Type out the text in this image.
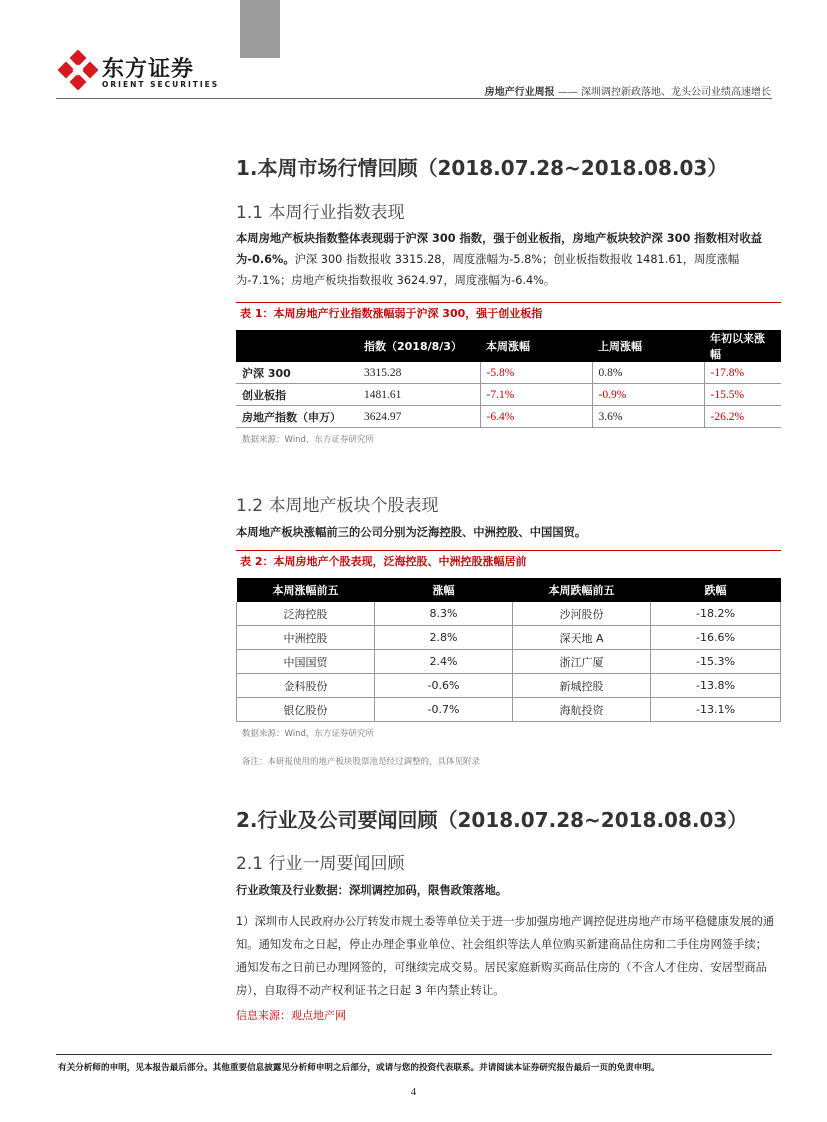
东方证券
ORIENT SECURITIES
房地产行业周报 —— 深圳调控新政落地、龙头公司业绩高速增长
1.本周市场行情回顾（2018.07.28~2018.08.03）
1.1 本周行业指数表现
本周房地产板块指数整体表现弱于沪深 300 指数，强于创业板指，房地产板块较沪深 300 指数相对收益为-0.6%。沪深 300 指数报收 3315.28，周度涨幅为-5.8%；创业板指数报收 1481.61，周度涨幅为-7.1%；房地产板块指数报收 3624.97，周度涨幅为-6.4%。
表 1：本周房地产行业指数涨幅弱于沪深 300，强于创业板指
	指数（2018/8/3）	本周涨幅	上周涨幅	年初以来涨幅
沪深 300	3315.28	-5.8%	0.8%	-17.8%
创业板指	1481.61	-7.1%	-0.9%	-15.5%
房地产指数（申万）	3624.97	-6.4%	3.6%	-26.2%
数据来源：Wind，东方证券研究所
1.2 本周地产板块个股表现
本周地产板块涨幅前三的公司分别为泛海控股、中洲控股、中国国贸。
表 2：本周房地产个股表现，泛海控股、中洲控股涨幅居前
本周涨幅前五	涨幅	本周跌幅前五	跌幅
泛海控股	8.3%	沙河股份	-18.2%
中洲控股	2.8%	深天地 A	-16.6%
中国国贸	2.4%	浙江广厦	-15.3%
金科股份	-0.6%	新城控股	-13.8%
银亿股份	-0.7%	海航投资	-13.1%
数据来源：Wind，东方证券研究所
备注：本研报使用的地产板块股票池是经过调整的，具体见附录
2.行业及公司要闻回顾（2018.07.28~2018.08.03）
2.1 行业一周要闻回顾
行业政策及行业数据：深圳调控加码，限售政策落地。
1）深圳市人民政府办公厅转发市规土委等单位关于进一步加强房地产调控促进房地产市场平稳健康发展的通知。通知发布之日起，停止办理企事业单位、社会组织等法人单位购买新建商品住房和二手住房网签手续；通知发布之日前已办理网签的，可继续完成交易。居民家庭新购买商品住房的（不含人才住房、安居型商品房），自取得不动产权利证书之日起 3 年内禁止转让。
信息来源：观点地产网
有关分析师的申明，见本报告最后部分。其他重要信息披露见分析师申明之后部分，或请与您的投资代表联系。并请阅读本证券研究报告最后一页的免责申明。
4
